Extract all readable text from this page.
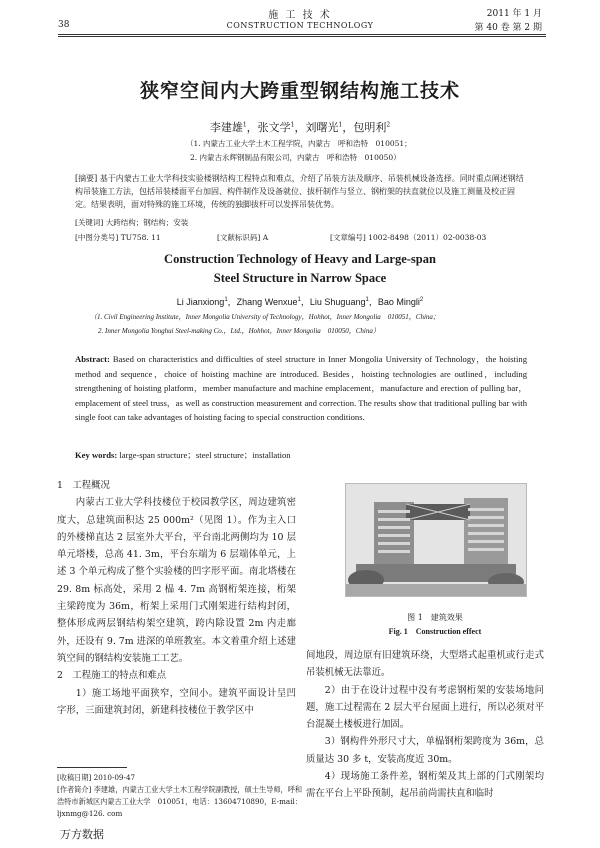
施 工 技 术
CONSTRUCTION TECHNOLOGY
38
2011 年 1 月
第 40 卷 第 2 期
狭窄空间内大跨重型钢结构施工技术
李建雄$^1$，张文学$^1$，刘曙光$^1$，包明利$^2$
（1. 内蒙古工业大学土木工程学院，内蒙古　呼和浩特　010051；
2. 内蒙古永辉钢制品有限公司，内蒙古　呼和浩特　010050）
[摘要] 基于内蒙古工业大学科技实验楼钢结构工程特点和难点，介绍了吊装方法及顺序、吊装机械设备选择。同时重点阐述钢结构吊装施工方法，包括吊装楼面平台加固、构件制作及设备就位、拔杆制作与竖立、钢桁架的扶直就位以及施工测量及校正固定。结果表明，面对特殊的施工环境，传统的独脚拔杆可以发挥吊装优势。
[关键词] 大跨结构；钢结构；安装
[中图分类号] TU758. 11	[文献标识码] A	[文章编号] 1002-8498（2011）02-0038-03
Construction Technology of Heavy and Large-span
Steel Structure in Narrow Space
Li Jianxiong$^1$，Zhang Wenxue$^1$，Liu Shuguang$^1$，Bao Mingli$^2$
（1. Civil Engineering Institute，Inner Mongolia University of Technology，Hohhot，Inner Mongolia　010051，China；
2. Inner Mongolia Yonghui Steel-making Co.，Ltd.，Hohhot，Inner Mongolia　010050，China）
Abstract: Based on characteristics and difficulties of steel structure in Inner Mongolia University of Technology，the hoisting method and sequence，choice of hoisting machine are introduced. Besides，hoisting technologies are outlined，including strengthening of hoisting platform，member manufacture and machine emplacement，manufacture and erection of pulling bar，emplacement of steel truss，as well as construction measurement and correction. The results show that traditional pulling bar with single foot can take advantages of hoisting facing to special construction conditions.
Key words: large-span structure；steel structure；installation

1　工程概况

内蒙古工业大学科技楼位于校园教学区，周边建筑密度大，总建筑面积达 25 000m²（见图 1）。作为主入口的外楼梯直达 2 层室外大平台，平台南北两侧均为 10 层单元塔楼，总高 41. 3m，平台东端为 6 层端体单元，上述 3 个单元构成了整个实验楼的凹字形平面。南北塔楼在 29. 8m 标高处，采用 2 榀 4. 7m 高钢桁架连接，桁架主梁跨度为 36m，桁架上采用门式刚架进行结构封闭，整体形成两层钢结构架空建筑，跨内除设置 2m 内走廊外，还设有 9. 7m 进深的单班教室。本文着重介绍上述建筑空间的钢结构安装施工工艺。

2　工程施工的特点和难点

1）施工场地平面狭窄，空间小。建筑平面设计呈凹字形，三面建筑封闭，新建科技楼位于教学区中

图 1　建筑效果
Fig. 1　Construction effect

间地段，周边原有旧建筑环绕，大型塔式起重机或行走式吊装机械无法靠近。

2）由于在设计过程中没有考虑钢桁架的安装场地问题，施工过程需在 2 层大平台屋面上进行，所以必须对平台混凝土楼板进行加固。

3）钢构件外形尺寸大，单榀钢桁架跨度为 36m，总质量达 30 多 t，安装高度近 30m。

4）现场施工条件差，钢桁架及其上部的门式刚架均需在平台上平卧预制，起吊前尚需扶直和临时

[收稿日期] 2010-09-47
[作者简介] 李建雄，内蒙古工业大学土木工程学院副教授，硕士生导师，呼和浩特市新城区内蒙古工业大学　010051，电话：13604710890，E-mail：ljxnmg@126. com
万方数据
